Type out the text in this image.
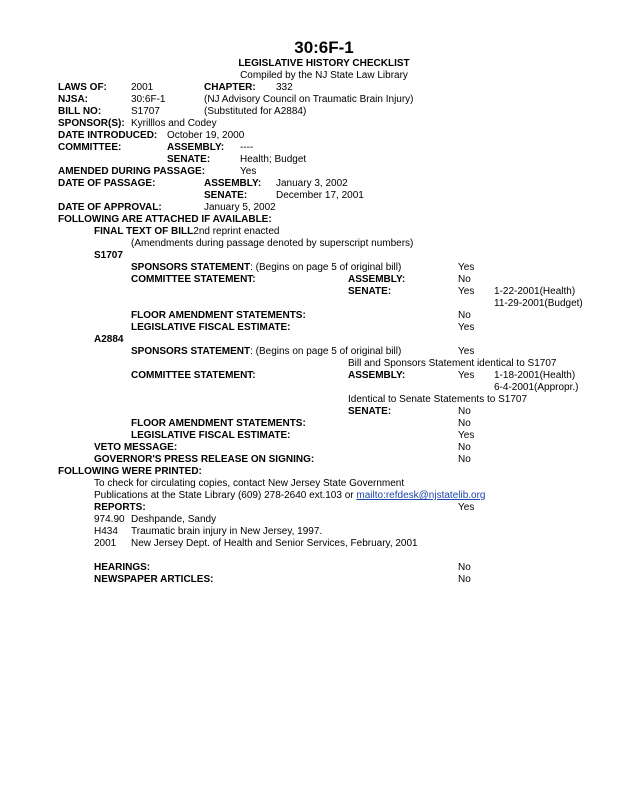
30:6F-1
LEGISLATIVE HISTORY CHECKLIST
Compiled by the NJ State Law Library
LAWS OF: 2001	CHAPTER: 332
NJSA:	30:6F-1	(NJ Advisory Council on Traumatic Brain Injury)
BILL NO:	S1707	(Substituted for A2884)
SPONSOR(S): Kyrilllos and Codey
DATE INTRODUCED: October 19, 2000
COMMITTEE:	ASSEMBLY: ----
SENATE:	Health; Budget
AMENDED DURING PASSAGE:	Yes
DATE OF PASSAGE:	ASSEMBLY: January 3, 2002
SENATE:	December 17, 2001
DATE OF APPROVAL:	January 5, 2002
FOLLOWING ARE ATTACHED IF AVAILABLE:
FINAL TEXT OF BILL2nd reprint enacted
(Amendments during passage denoted by superscript numbers)
S1707
SPONSORS STATEMENT: (Begins on page 5 of original bill)	Yes
COMMITTEE STATEMENT:	ASSEMBLY:	No
SENATE:	Yes 1-22-2001(Health)
11-29-2001(Budget)
FLOOR AMENDMENT STATEMENTS:	No
LEGISLATIVE FISCAL ESTIMATE:	Yes
A2884
SPONSORS STATEMENT: (Begins on page 5 of original bill)	Yes
Bill and Sponsors Statement identical to S1707
COMMITTEE STATEMENT:	ASSEMBLY:	Yes 1-18-2001(Health)
6-4-2001(Appropr.)
Identical to Senate Statements to S1707
SENATE:	No
FLOOR AMENDMENT STATEMENTS:	No
LEGISLATIVE FISCAL ESTIMATE:	Yes
VETO MESSAGE:	No
GOVERNOR'S PRESS RELEASE ON SIGNING:	No
FOLLOWING WERE PRINTED:
To check for circulating copies, contact New Jersey State Government
Publications at the State Library (609) 278-2640 ext.103 or mailto:refdesk@njstatelib.org
REPORTS:	Yes
974.90 Deshpande, Sandy
H434 Traumatic brain injury in New Jersey, 1997.
2001 New Jersey Dept. of Health and Senior Services, February, 2001
HEARINGS:	No
NEWSPAPER ARTICLES:	No
